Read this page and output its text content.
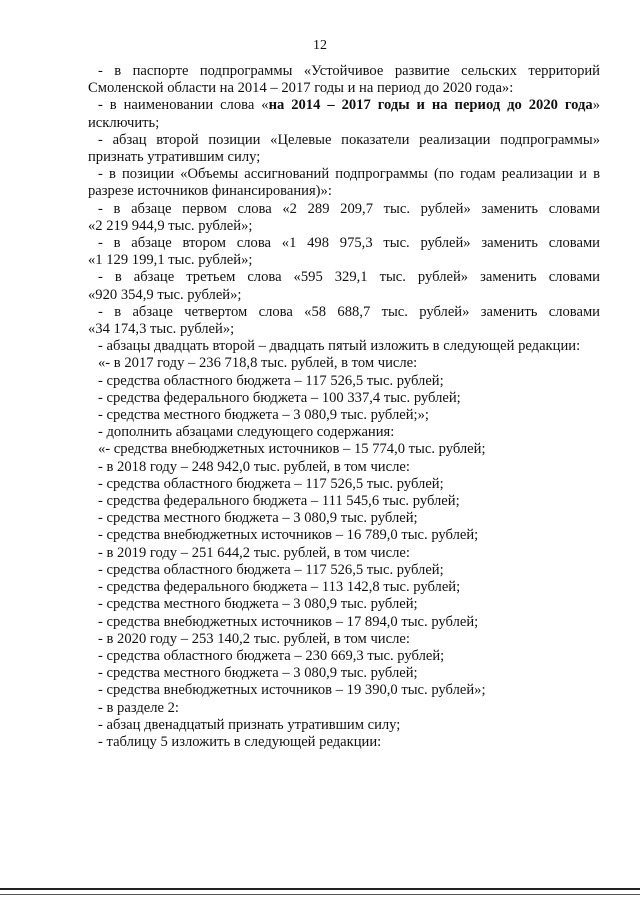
12

- в паспорте подпрограммы «Устойчивое развитие сельских территорий

Смоленской области на 2014 – 2017 годы и на период до 2020 года»:

- в наименовании слова «на 2014 – 2017 годы и на период до 2020 года»

исключить;

- абзац второй позиции «Целевые показатели реализации подпрограммы»

признать утратившим силу;

- в позиции «Объемы ассигнований подпрограммы (по годам реализации и в

разрезе источников финансирования)»:

- в абзаце первом слова «2 289 209,7 тыс. рублей» заменить словами

«2 219 944,9 тыс. рублей»;

- в абзаце втором слова «1 498 975,3 тыс. рублей» заменить словами

«1 129 199,1 тыс. рублей»;

- в абзаце третьем слова «595 329,1 тыс. рублей» заменить словами

«920 354,9 тыс. рублей»;

- в абзаце четвертом слова «58 688,7 тыс. рублей» заменить словами

«34 174,3 тыс. рублей»;

- абзацы двадцать второй – двадцать пятый изложить в следующей редакции:

«- в 2017 году – 236 718,8 тыс. рублей, в том числе:

- средства областного бюджета – 117 526,5 тыс. рублей;

- средства федерального бюджета – 100 337,4 тыс. рублей;

- средства местного бюджета – 3 080,9 тыс. рублей;»;

- дополнить абзацами следующего содержания:

«- средства внебюджетных источников – 15 774,0 тыс. рублей;

- в 2018 году – 248 942,0 тыс. рублей, в том числе:

- средства областного бюджета – 117 526,5 тыс. рублей;

- средства федерального бюджета – 111 545,6 тыс. рублей;

- средства местного бюджета – 3 080,9 тыс. рублей;

- средства внебюджетных источников – 16 789,0 тыс. рублей;

- в 2019 году – 251 644,2 тыс. рублей, в том числе:

- средства областного бюджета – 117 526,5 тыс. рублей;

- средства федерального бюджета – 113 142,8 тыс. рублей;

- средства местного бюджета – 3 080,9 тыс. рублей;

- средства внебюджетных источников – 17 894,0 тыс. рублей;

- в 2020 году – 253 140,2 тыс. рублей, в том числе:

- средства областного бюджета – 230 669,3 тыс. рублей;

- средства местного бюджета – 3 080,9 тыс. рублей;

- средства внебюджетных источников – 19 390,0 тыс. рублей»;

- в разделе 2:

- абзац двенадцатый признать утратившим силу;

- таблицу 5 изложить в следующей редакции:
